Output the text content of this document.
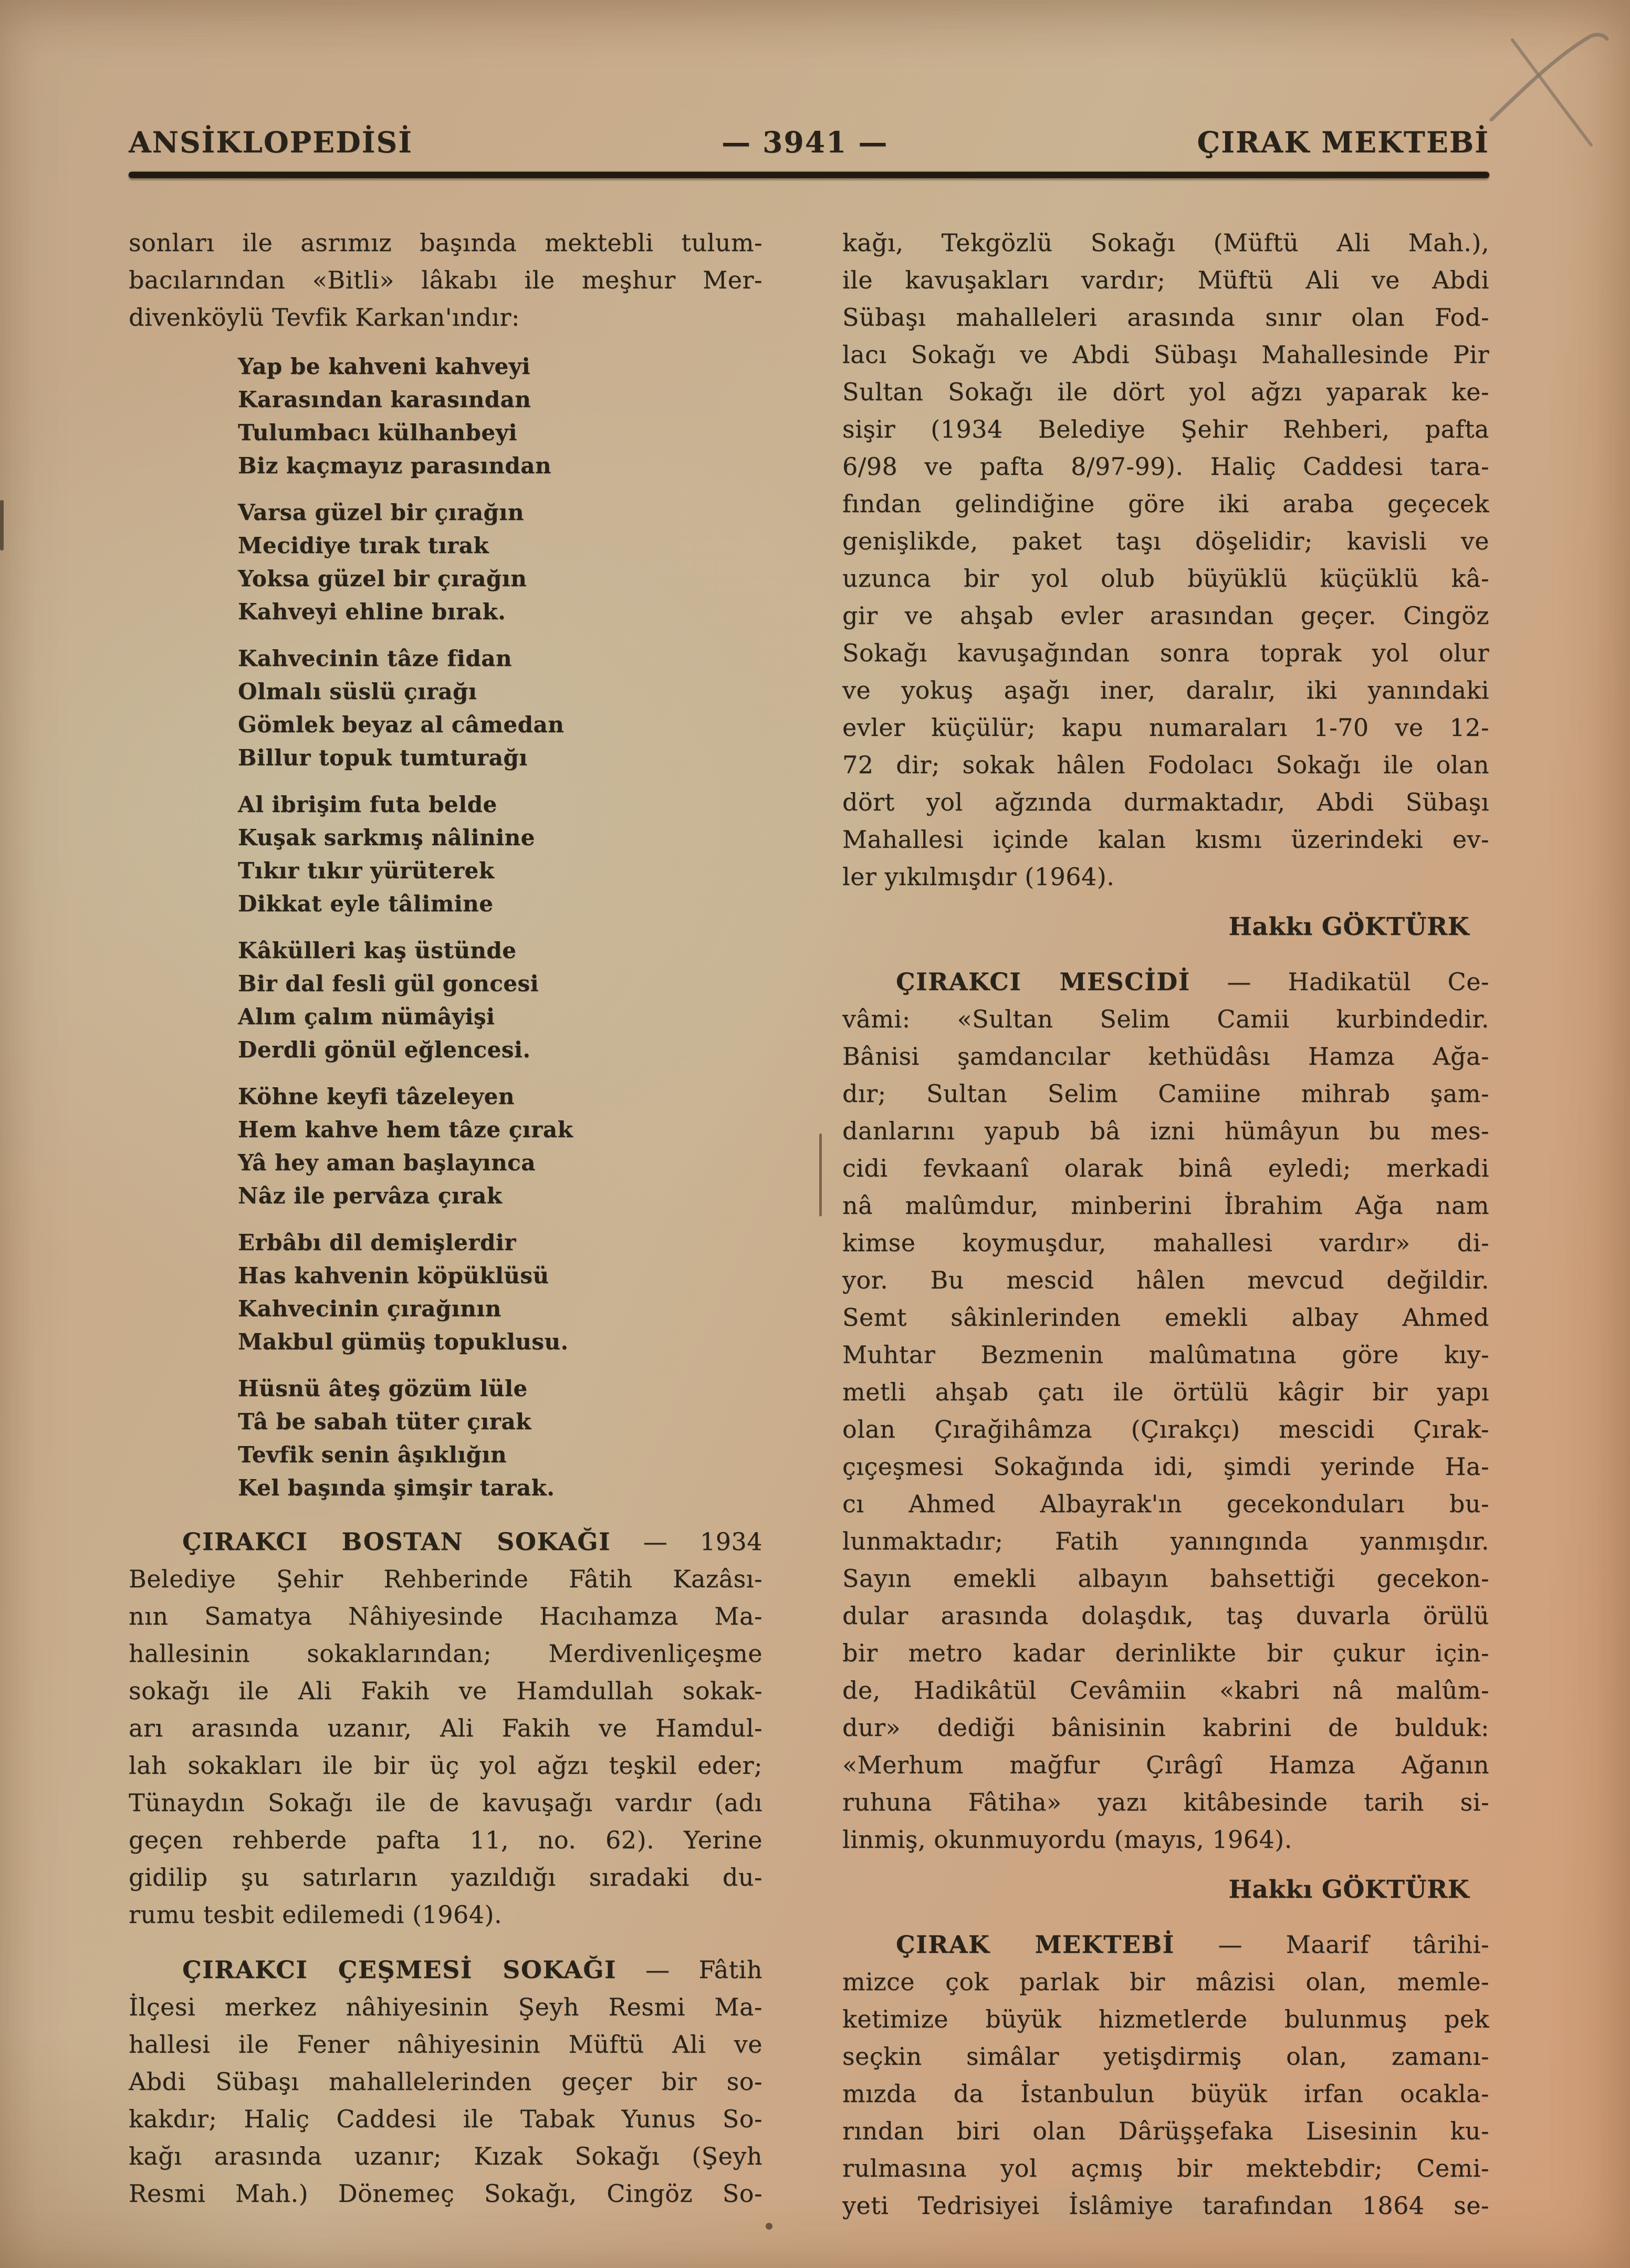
ANSİKLOPEDİSİ	— 3941 —	ÇIRAK MEKTEBİ
sonları ile asrımız başında mektebli tulum-
bacılarından «Bitli» lâkabı ile meşhur Mer-
divenköylü Tevfik Karkan'ındır:
Yap be kahveni kahveyi
Karasından karasından
Tulumbacı külhanbeyi
Biz kaçmayız parasından
Varsa güzel bir çırağın
Mecidiye tırak tırak
Yoksa güzel bir çırağın
Kahveyi ehline bırak.
Kahvecinin tâze fidan
Olmalı süslü çırağı
Gömlek beyaz al câmedan
Billur topuk tumturağı
Al ibrişim futa belde
Kuşak sarkmış nâlinine
Tıkır tıkır yürüterek
Dikkat eyle tâlimine
Kâkülleri kaş üstünde
Bir dal fesli gül goncesi
Alım çalım nümâyişi
Derdli gönül eğlencesi.
Köhne keyfi tâzeleyen
Hem kahve hem tâze çırak
Yâ hey aman başlayınca
Nâz ile pervâza çırak
Erbâbı dil demişlerdir
Has kahvenin köpüklüsü
Kahvecinin çırağının
Makbul gümüş topuklusu.
Hüsnü âteş gözüm lüle
Tâ be sabah tüter çırak
Tevfik senin âşıklığın
Kel başında şimşir tarak.
ÇIRAKCI BOSTAN SOKAĞI — 1934
Belediye Şehir Rehberinde Fâtih Kazâsı-
nın Samatya Nâhiyesinde Hacıhamza Ma-
hallesinin sokaklarından; Merdivenliçeşme
sokağı ile Ali Fakih ve Hamdullah sokak-
arı arasında uzanır, Ali Fakih ve Hamdul-
lah sokakları ile bir üç yol ağzı teşkil eder;
Tünaydın Sokağı ile de kavuşağı vardır (adı
geçen rehberde pafta 11, no. 62). Yerine
gidilip şu satırların yazıldığı sıradaki du-
rumu tesbit edilemedi (1964).
ÇIRAKCI ÇEŞMESİ SOKAĞI — Fâtih
İlçesi merkez nâhiyesinin Şeyh Resmi Ma-
hallesi ile Fener nâhiyesinin Müftü Ali ve
Abdi Sübaşı mahallelerinden geçer bir so-
kakdır; Haliç Caddesi ile Tabak Yunus So-
kağı arasında uzanır; Kızak Sokağı (Şeyh
Resmi Mah.) Dönemeç Sokağı, Cingöz So-
kağı, Tekgözlü Sokağı (Müftü Ali Mah.),
ile kavuşakları vardır; Müftü Ali ve Abdi
Sübaşı mahalleleri arasında sınır olan Fod-
lacı Sokağı ve Abdi Sübaşı Mahallesinde Pir
Sultan Sokağı ile dört yol ağzı yaparak ke-
sişir (1934 Belediye Şehir Rehberi, pafta
6/98 ve pafta 8/97-99). Haliç Caddesi tara-
fından gelindiğine göre iki araba geçecek
genişlikde, paket taşı döşelidir; kavisli ve
uzunca bir yol olub büyüklü küçüklü kâ-
gir ve ahşab evler arasından geçer. Cingöz
Sokağı kavuşağından sonra toprak yol olur
ve yokuş aşağı iner, daralır, iki yanındaki
evler küçülür; kapu numaraları 1-70 ve 12-
72 dir; sokak hâlen Fodolacı Sokağı ile olan
dört yol ağzında durmaktadır, Abdi Sübaşı
Mahallesi içinde kalan kısmı üzerindeki ev-
ler yıkılmışdır (1964).
Hakkı GÖKTÜRK
ÇIRAKCI MESCİDİ — Hadikatül Ce-
vâmi: «Sultan Selim Camii kurbindedir.
Bânisi şamdancılar kethüdâsı Hamza Ağa-
dır; Sultan Selim Camiine mihrab şam-
danlarını yapub bâ izni hümâyun bu mes-
cidi fevkaanî olarak binâ eyledi; merkadi
nâ malûmdur, minberini İbrahim Ağa nam
kimse koymuşdur, mahallesi vardır» di-
yor. Bu mescid hâlen mevcud değildir.
Semt sâkinlerinden emekli albay Ahmed
Muhtar Bezmenin malûmatına göre kıy-
metli ahşab çatı ile örtülü kâgir bir yapı
olan Çırağihâmza (Çırakçı) mescidi Çırak-
çıçeşmesi Sokağında idi, şimdi yerinde Ha-
cı Ahmed Albayrak'ın gecekonduları bu-
lunmaktadır; Fatih yanıngında yanmışdır.
Sayın emekli albayın bahsettiği gecekon-
dular arasında dolaşdık, taş duvarla örülü
bir metro kadar derinlikte bir çukur için-
de, Hadikâtül Cevâmiin «kabri nâ malûm-
dur» dediği bânisinin kabrini de bulduk:
«Merhum mağfur Çırâgî Hamza Ağanın
ruhuna Fâtiha» yazı kitâbesinde tarih si-
linmiş, okunmuyordu (mayıs, 1964).
Hakkı GÖKTÜRK
ÇIRAK MEKTEBİ — Maarif târihi-
mizce çok parlak bir mâzisi olan, memle-
ketimize büyük hizmetlerde bulunmuş pek
seçkin simâlar yetişdirmiş olan, zamanı-
mızda da İstanbulun büyük irfan ocakla-
rından biri olan Dârüşşefaka Lisesinin ku-
rulmasına yol açmış bir mektebdir; Cemi-
yeti Tedrisiyei İslâmiye tarafından 1864 se-
